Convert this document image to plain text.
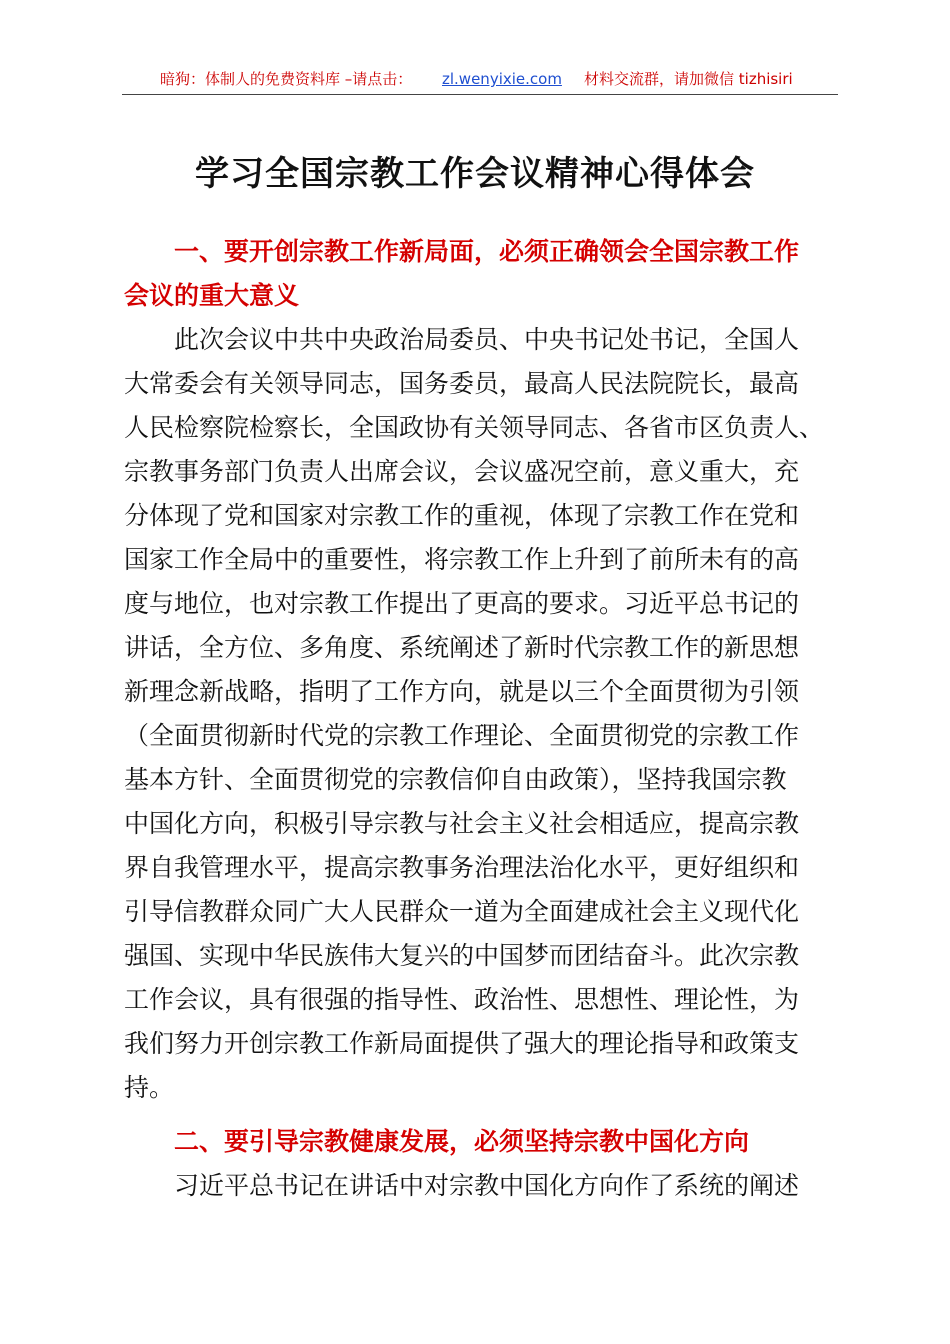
暗狗：体制人的免费资料库 –请点击： zl.wenyixie.com 材料交流群，请加微信 tizhisiri
学习全国宗教工作会议精神心得体会
一、要开创宗教工作新局面，必须正确领会全国宗教工作
会议的重大意义
此次会议中共中央政治局委员、中央书记处书记，全国人
大常委会有关领导同志，国务委员，最高人民法院院长，最高
人民检察院检察长，全国政协有关领导同志、各省市区负责人、
宗教事务部门负责人出席会议，会议盛况空前，意义重大，充
分体现了党和国家对宗教工作的重视，体现了宗教工作在党和
国家工作全局中的重要性，将宗教工作上升到了前所未有的高
度与地位，也对宗教工作提出了更高的要求。习近平总书记的
讲话，全方位、多角度、系统阐述了新时代宗教工作的新思想
新理念新战略，指明了工作方向，就是以三个全面贯彻为引领
（全面贯彻新时代党的宗教工作理论、全面贯彻党的宗教工作
基本方针、全面贯彻党的宗教信仰自由政策），坚持我国宗教
中国化方向，积极引导宗教与社会主义社会相适应，提高宗教
界自我管理水平，提高宗教事务治理法治化水平，更好组织和
引导信教群众同广大人民群众一道为全面建成社会主义现代化
强国、实现中华民族伟大复兴的中国梦而团结奋斗。此次宗教
工作会议，具有很强的指导性、政治性、思想性、理论性，为
我们努力开创宗教工作新局面提供了强大的理论指导和政策支
持。
二、要引导宗教健康发展，必须坚持宗教中国化方向
习近平总书记在讲话中对宗教中国化方向作了系统的阐述
